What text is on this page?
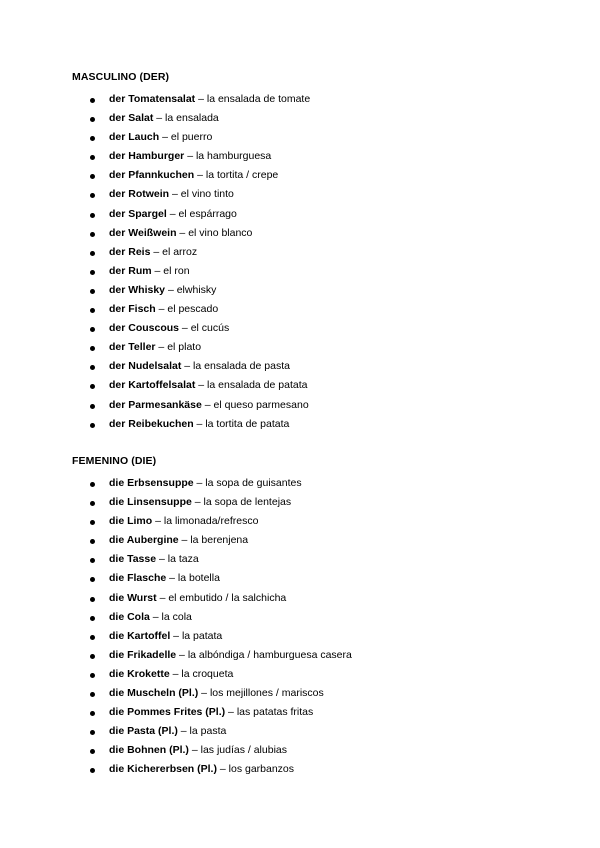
MASCULINO (DER)
der Tomatensalat – la ensalada de tomate
der Salat – la ensalada
der Lauch – el puerro
der Hamburger – la hamburguesa
der Pfannkuchen – la tortita / crepe
der Rotwein – el vino tinto
der Spargel – el espárrago
der Weißwein – el vino blanco
der Reis – el arroz
der Rum – el ron
der Whisky – elwhisky
der Fisch – el pescado
der Couscous – el cucús
der Teller – el plato
der Nudelsalat – la ensalada de pasta
der Kartoffelsalat – la ensalada de patata
der Parmesankäse – el queso parmesano
der Reibekuchen – la tortita de patata
FEMENINO (DIE)
die Erbsensuppe – la sopa de guisantes
die Linsensuppe – la sopa de lentejas
die Limo – la limonada/refresco
die Aubergine – la berenjena
die Tasse – la taza
die Flasche – la botella
die Wurst – el embutido / la salchicha
die Cola – la cola
die Kartoffel – la patata
die Frikadelle – la albóndiga / hamburguesa casera
die Krokette – la croqueta
die Muscheln (Pl.) – los mejillones / mariscos
die Pommes Frites (Pl.) – las patatas fritas
die Pasta (Pl.) – la pasta
die Bohnen (Pl.) – las judías / alubias
die Kichererbsen (Pl.) – los garbanzos
